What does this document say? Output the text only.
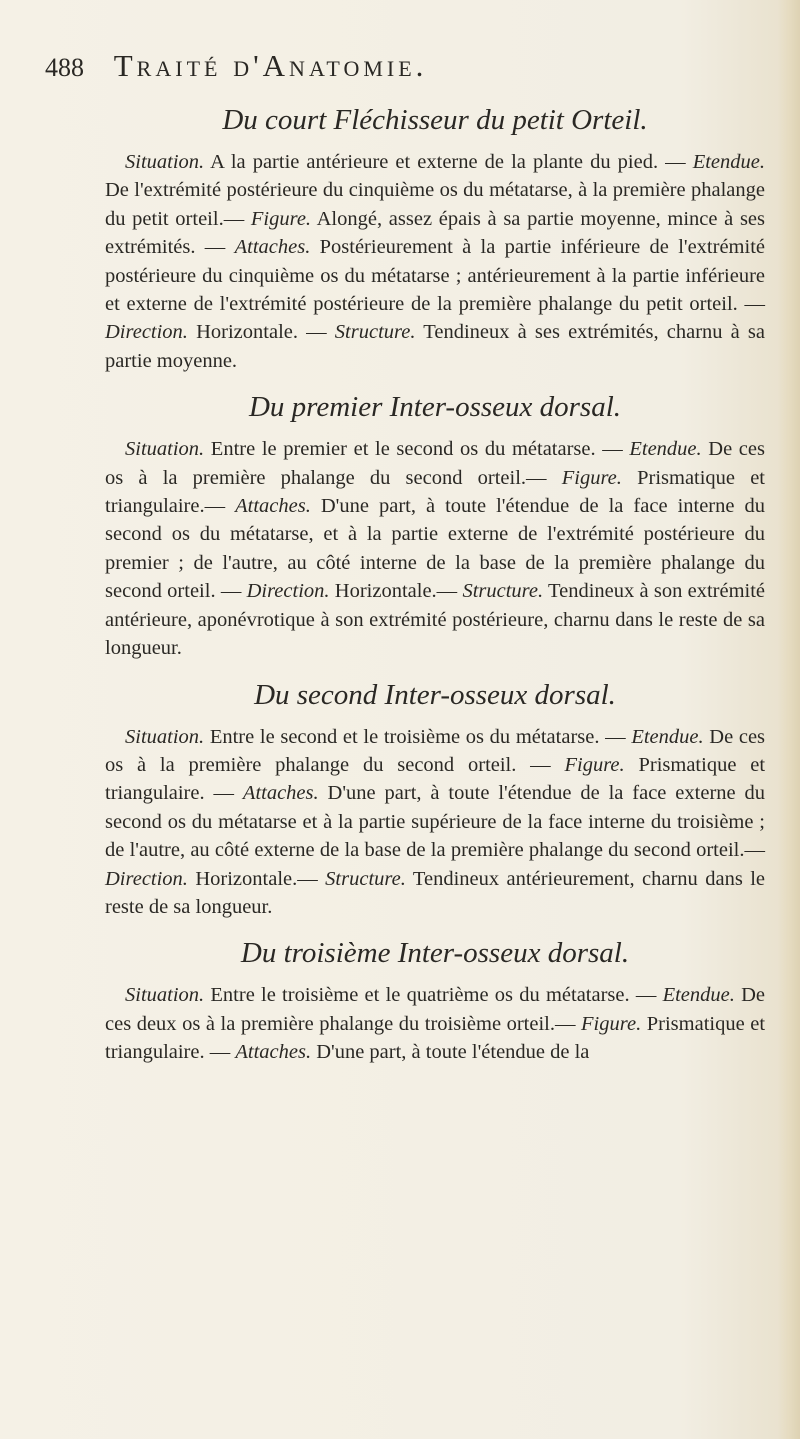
488 Traité d'Anatomie.
Du court Fléchisseur du petit Orteil.

Situation. A la partie antérieure et externe de la plante du pied. — Etendue. De l'extrémité postérieure du cinquième os du métatarse, à la première phalange du petit orteil.— Figure. Alongé, assez épais à sa partie moyenne, mince à ses extrémités. — Attaches. Postérieurement à la partie inférieure de l'extrémité postérieure du cinquième os du métatarse ; antérieurement à la partie inférieure et externe de l'extrémité postérieure de la première phalange du petit orteil. — Direction. Horizontale. — Structure. Tendineux à ses extrémités, charnu à sa partie moyenne.

Du premier Inter-osseux dorsal.

Situation. Entre le premier et le second os du métatarse. — Etendue. De ces os à la première phalange du second orteil.— Figure. Prismatique et triangulaire.— Attaches. D'une part, à toute l'étendue de la face interne du second os du métatarse, et à la partie externe de l'extrémité postérieure du premier ; de l'autre, au côté interne de la base de la première phalange du second orteil. — Direction. Horizontale.— Structure. Tendineux à son extrémité antérieure, aponévrotique à son extrémité postérieure, charnu dans le reste de sa longueur.

Du second Inter-osseux dorsal.

Situation. Entre le second et le troisième os du métatarse. — Etendue. De ces os à la première phalange du second orteil. — Figure. Prismatique et triangulaire. — Attaches. D'une part, à toute l'étendue de la face externe du second os du métatarse et à la partie supérieure de la face interne du troisième ; de l'autre, au côté externe de la base de la première phalange du second orteil.— Direction. Horizontale.— Structure. Tendineux antérieurement, charnu dans le reste de sa longueur.

Du troisième Inter-osseux dorsal.

Situation. Entre le troisième et le quatrième os du métatarse. — Etendue. De ces deux os à la première phalange du troisième orteil.— Figure. Prismatique et triangulaire. — Attaches. D'une part, à toute l'étendue de la
